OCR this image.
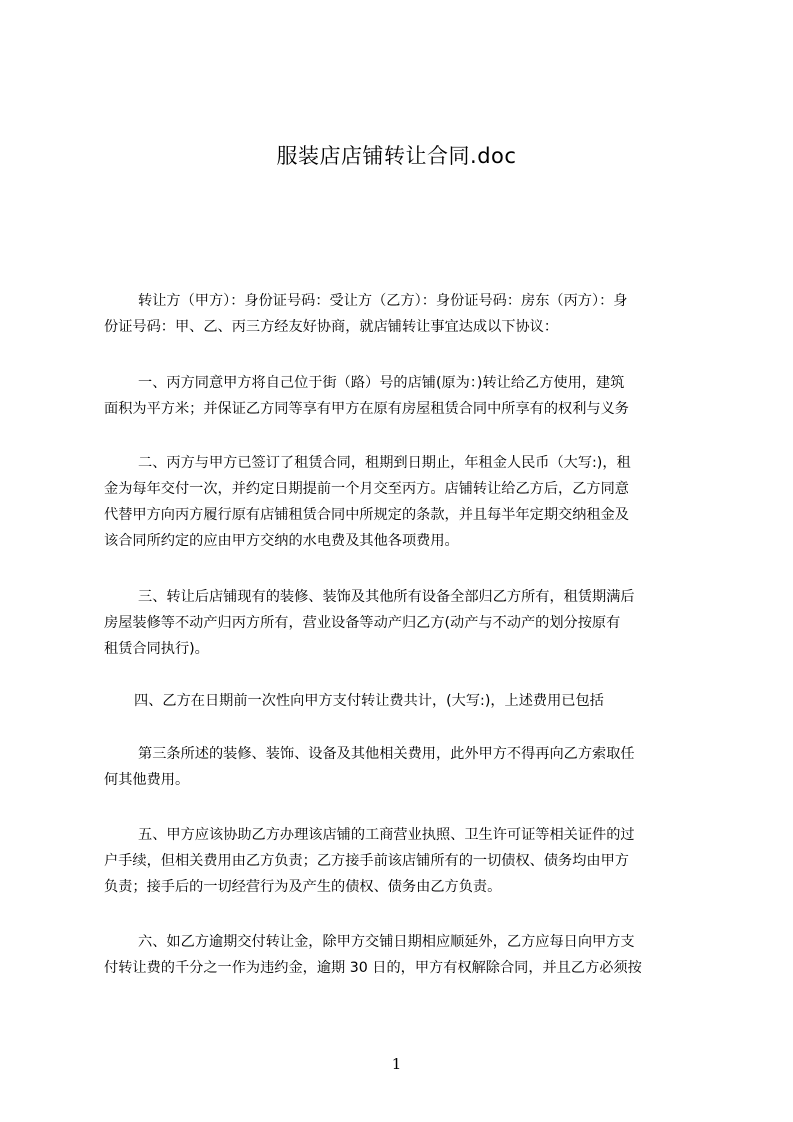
服装店店铺转让合同.doc
转让方（甲方）：身份证号码：受让方（乙方）：身份证号码：房东（丙方）：身
份证号码：甲、乙、丙三方经友好协商，就店铺转让事宜达成以下协议：
一、丙方同意甲方将自己位于街（路）号的店铺(原为：)转让给乙方使用，建筑
面积为平方米；并保证乙方同等享有甲方在原有房屋租赁合同中所享有的权利与义务
二、丙方与甲方已签订了租赁合同，租期到日期止，年租金人民币（大写:)，租
金为每年交付一次，并约定日期提前一个月交至丙方。店铺转让给乙方后，乙方同意
代替甲方向丙方履行原有店铺租赁合同中所规定的条款，并且每半年定期交纳租金及
该合同所约定的应由甲方交纳的水电费及其他各项费用。
三、转让后店铺现有的装修、装饰及其他所有设备全部归乙方所有，租赁期满后
房屋装修等不动产归丙方所有，营业设备等动产归乙方(动产与不动产的划分按原有
租赁合同执行)。
四、乙方在日期前一次性向甲方支付转让费共计，(大写:)，上述费用已包括
第三条所述的装修、装饰、设备及其他相关费用，此外甲方不得再向乙方索取任
何其他费用。
五、甲方应该协助乙方办理该店铺的工商营业执照、卫生许可证等相关证件的过
户手续，但相关费用由乙方负责；乙方接手前该店铺所有的一切债权、债务均由甲方
负责；接手后的一切经营行为及产生的债权、债务由乙方负责。
六、如乙方逾期交付转让金，除甲方交铺日期相应顺延外，乙方应每日向甲方支
付转让费的千分之一作为违约金，逾期 30 日的，甲方有权解除合同，并且乙方必须按
1
